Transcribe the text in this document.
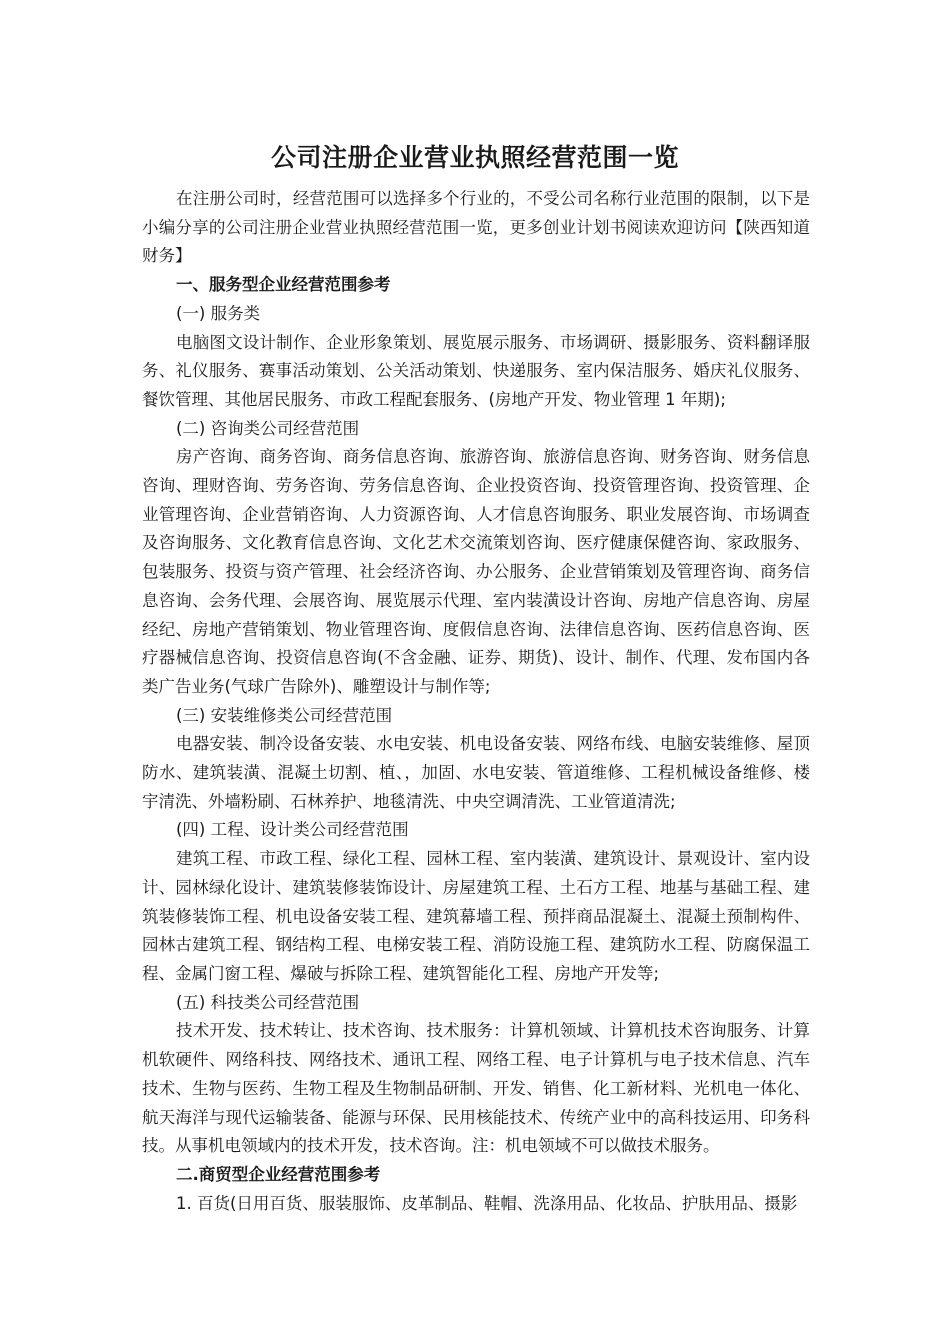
公司注册企业营业执照经营范围一览

在注册公司时，经营范围可以选择多个行业的，不受公司名称行业范围的限制，以下是小编分享的公司注册企业营业执照经营范围一览，更多创业计划书阅读欢迎访问【陕西知道财务】

一、服务型企业经营范围参考

(一) 服务类

电脑图文设计制作、企业形象策划、展览展示服务、市场调研、摄影服务、资料翻译服务、礼仪服务、赛事活动策划、公关活动策划、快递服务、室内保洁服务、婚庆礼仪服务、餐饮管理、其他居民服务、市政工程配套服务、(房地产开发、物业管理 1 年期);

(二) 咨询类公司经营范围

房产咨询、商务咨询、商务信息咨询、旅游咨询、旅游信息咨询、财务咨询、财务信息咨询、理财咨询、劳务咨询、劳务信息咨询、企业投资咨询、投资管理咨询、投资管理、企业管理咨询、企业营销咨询、人力资源咨询、人才信息咨询服务、职业发展咨询、市场调查及咨询服务、文化教育信息咨询、文化艺术交流策划咨询、医疗健康保健咨询、家政服务、包装服务、投资与资产管理、社会经济咨询、办公服务、企业营销策划及管理咨询、商务信息咨询、会务代理、会展咨询、展览展示代理、室内装潢设计咨询、房地产信息咨询、房屋经纪、房地产营销策划、物业管理咨询、度假信息咨询、法律信息咨询、医药信息咨询、医疗器械信息咨询、投资信息咨询(不含金融、证券、期货)、设计、制作、代理、发布国内各类广告业务(气球广告除外)、雕塑设计与制作等;

(三) 安装维修类公司经营范围

电器安装、制冷设备安装、水电安装、机电设备安装、网络布线、电脑安装维修、屋顶防水、建筑装潢、混凝土切割、植、，加固、水电安装、管道维修、工程机械设备维修、楼宇清洗、外墙粉刷、石林养护、地毯清洗、中央空调清洗、工业管道清洗;

(四) 工程、设计类公司经营范围

建筑工程、市政工程、绿化工程、园林工程、室内装潢、建筑设计、景观设计、室内设计、园林绿化设计、建筑装修装饰设计、房屋建筑工程、土石方工程、地基与基础工程、建筑装修装饰工程、机电设备安装工程、建筑幕墙工程、预拌商品混凝土、混凝土预制构件、园林古建筑工程、钢结构工程、电梯安装工程、消防设施工程、建筑防水工程、防腐保温工程、金属门窗工程、爆破与拆除工程、建筑智能化工程、房地产开发等;

(五) 科技类公司经营范围

技术开发、技术转让、技术咨询、技术服务：计算机领域、计算机技术咨询服务、计算机软硬件、网络科技、网络技术、通讯工程、网络工程、电子计算机与电子技术信息、汽车技术、生物与医药、生物工程及生物制品研制、开发、销售、化工新材料、光机电一体化、航天海洋与现代运输装备、能源与环保、民用核能技术、传统产业中的高科技运用、印务科技。从事机电领域内的技术开发，技术咨询。注：机电领域不可以做技术服务。

二.商贸型企业经营范围参考

1. 百货(日用百货、服装服饰、皮革制品、鞋帽、洗涤用品、化妆品、护肤用品、摄影
